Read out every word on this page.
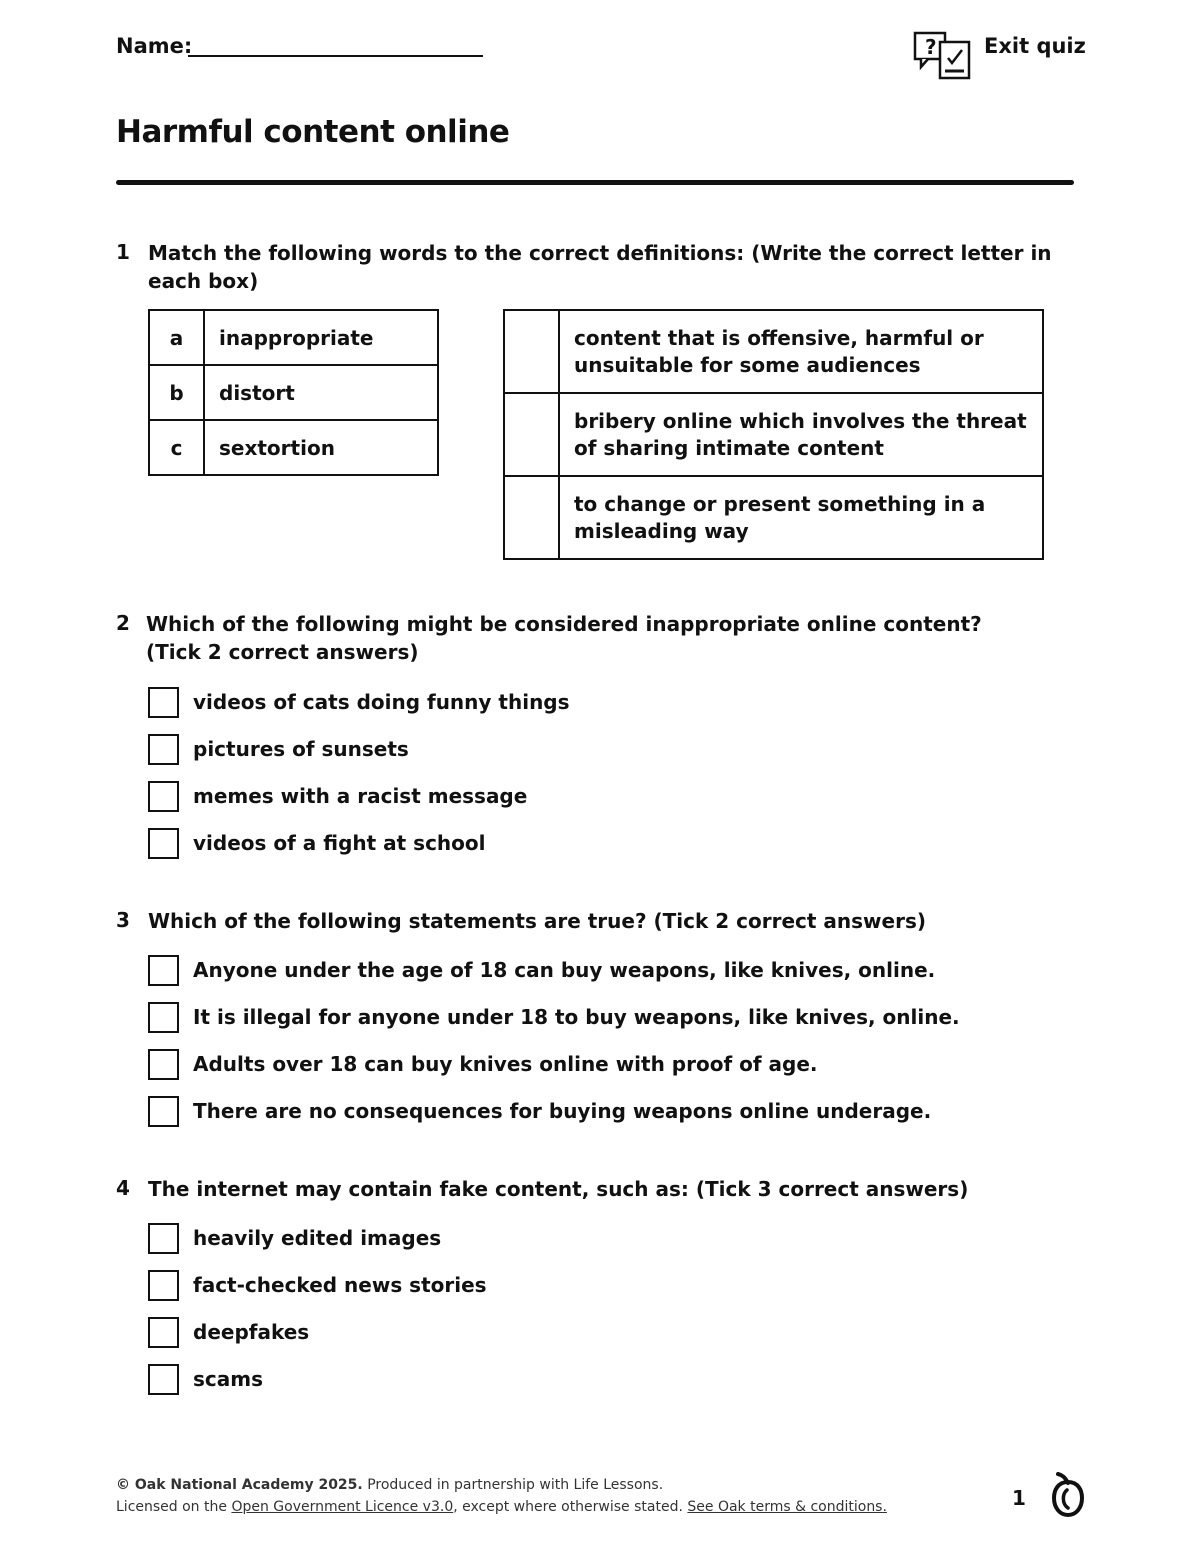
Name:	? Exit quiz
Harmful content online
1 Match the following words to the correct definitions: (Write the correct letter in each box)
a	inappropriate
b	distort
c	sextortion
	content that is offensive, harmful or unsuitable for some audiences
	bribery online which involves the threat of sharing intimate content
	to change or present something in a misleading way
2 Which of the following might be considered inappropriate online content? (Tick 2 correct answers)
videos of cats doing funny things
pictures of sunsets
memes with a racist message
videos of a fight at school
3 Which of the following statements are true? (Tick 2 correct answers)
Anyone under the age of 18 can buy weapons, like knives, online.
It is illegal for anyone under 18 to buy weapons, like knives, online.
Adults over 18 can buy knives online with proof of age.
There are no consequences for buying weapons online underage.
4 The internet may contain fake content, such as: (Tick 3 correct answers)
heavily edited images
fact-checked news stories
deepfakes
scams
© Oak National Academy 2025. Produced in partnership with Life Lessons.
Licensed on the Open Government Licence v3.0, except where otherwise stated. See Oak terms & conditions.	1
